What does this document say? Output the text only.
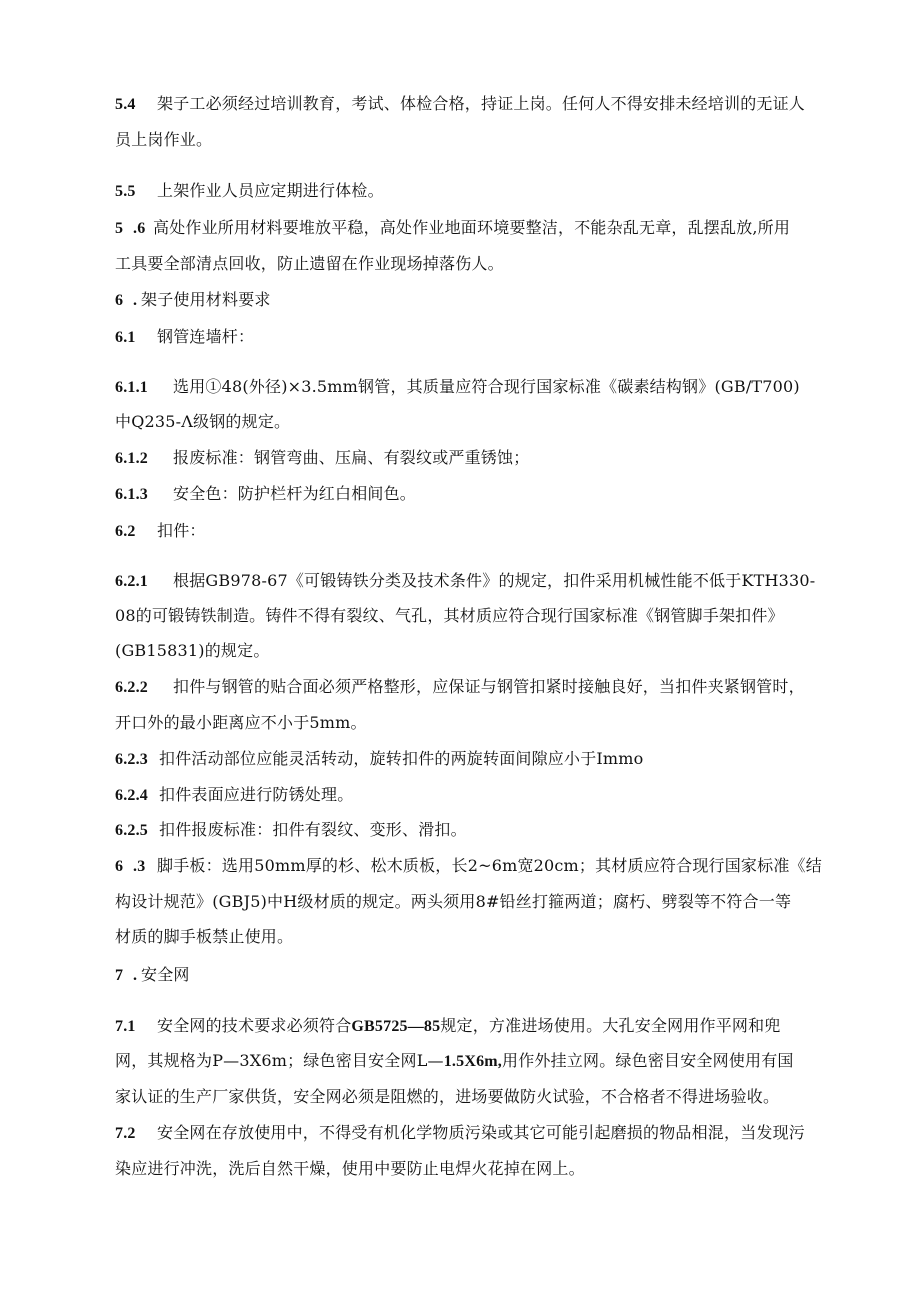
5.4 架子工必须经过培训教育，考试、体检合格，持证上岗。任何人不得安排未经培训的无证人
员上岗作业。
5.5 上架作业人员应定期进行体检。
5 .6 高处作业所用材料要堆放平稳，高处作业地面环境要整洁，不能杂乱无章，乱摆乱放,所用
工具要全部清点回收，防止遗留在作业现场掉落伤人。
6 . 架子使用材料要求
6.1 钢管连墙杆：
6.1.1 选用①48(外径)×3.5mm钢管，其质量应符合现行国家标准《碳素结构钢》(GB/T700)
中Q235-Λ级钢的规定。
6.1.2 报废标准：钢管弯曲、压扁、有裂纹或严重锈蚀；
6.1.3 安全色：防护栏杆为红白相间色。
6.2 扣件：
6.2.1 根据GB978-67《可锻铸铁分类及技术条件》的规定，扣件采用机械性能不低于KTH330-
08的可锻铸铁制造。铸件不得有裂纹、气孔，其材质应符合现行国家标准《钢管脚手架扣件》
(GB15831)的规定。
6.2.2 扣件与钢管的贴合面必须严格整形，应保证与钢管扣紧时接触良好，当扣件夹紧钢管时，
开口外的最小距离应不小于5mm。
6.2.3 扣件活动部位应能灵活转动，旋转扣件的两旋转面间隙应小于Immo
6.2.4 扣件表面应进行防锈处理。
6.2.5 扣件报废标准：扣件有裂纹、变形、滑扣。
6 .3 脚手板：选用50mm厚的杉、松木质板，长2~6m宽20cm；其材质应符合现行国家标准《结
构设计规范》(GBJ5)中H级材质的规定。两头须用8#铅丝打箍两道；腐朽、劈裂等不符合一等
材质的脚手板禁止使用。
7 . 安全网
7.1 安全网的技术要求必须符合GB5725—85规定，方准进场使用。大孔安全网用作平网和兜
网，其规格为P—3X6m；绿色密目安全网L—1.5X6m,用作外挂立网。绿色密目安全网使用有国
家认证的生产厂家供货，安全网必须是阻燃的，进场要做防火试验，不合格者不得进场验收。
7.2 安全网在存放使用中，不得受有机化学物质污染或其它可能引起磨损的物品相混，当发现污
染应进行冲洗，洗后自然干燥，使用中要防止电焊火花掉在网上。
